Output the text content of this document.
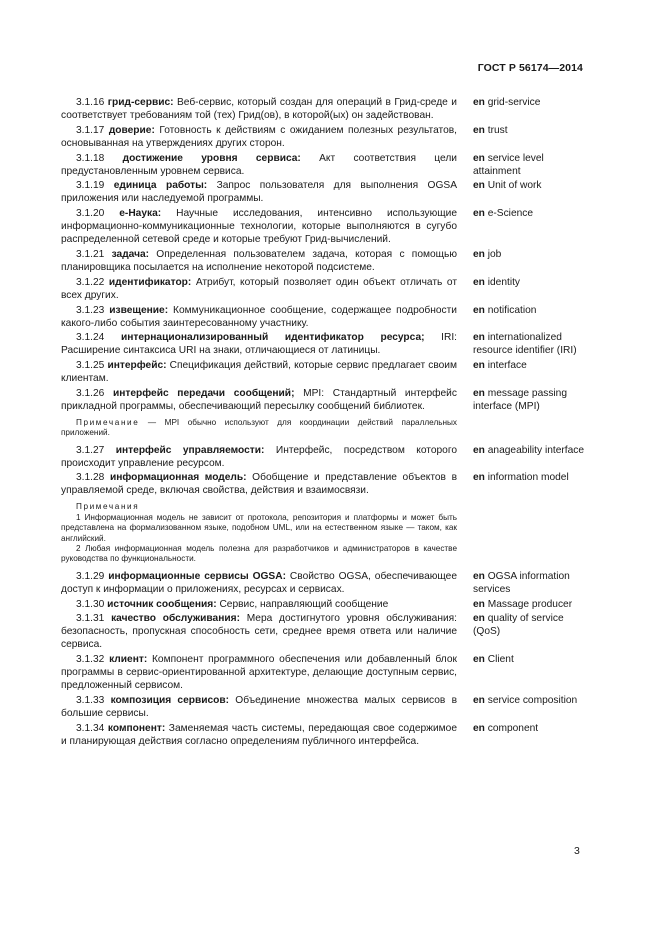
ГОСТ Р 56174—2014
3.1.16 грид-сервис: Веб-сервис, который создан для операций в Грид-среде и соответствует требованиям той (тех) Грид(ов), в которой(ых) он задействован.
en grid-service
3.1.17 доверие: Готовность к действиям с ожиданием полезных результатов, основыванная на утверждениях других сторон.
en trust
3.1.18 достижение уровня сервиса: Акт соответствия цели предустановленным уровнем сервиса.
en service level attainment
3.1.19 единица работы: Запрос пользователя для выполнения OGSA приложения или наследуемой программы.
en Unit of work
3.1.20 е-Наука: Научные исследования, интенсивно использующие информационно-коммуникационные технологии, которые выполняются в сугубо распределенной сетевой среде и которые требуют Грид-вычислений.
en e-Science
3.1.21 задача: Определенная пользователем задача, которая с помощью планировщика посылается на исполнение некоторой подсистеме.
en job
3.1.22 идентификатор: Атрибут, который позволяет один объект отличать от всех других.
en identity
3.1.23 извещение: Коммуникационное сообщение, содержащее подробности какого-либо события заинтересованному участнику.
en notification
3.1.24 интернационализированный идентификатор ресурса; IRI: Расширение синтаксиса URI на знаки, отличающиеся от латиницы.
en internationalized resource identifier (IRI)
3.1.25 интерфейс: Спецификация действий, которые сервис предлагает своим клиентам.
en interface
3.1.26 интерфейс передачи сообщений; MPI: Стандартный интерфейс прикладной программы, обеспечивающий пересылку сообщений библиотек.
en message passing interface (MPI)
Примечание — MPI обычно используют для координации действий параллельных приложений.
3.1.27 интерфейс управляемости: Интерфейс, посредством которого происходит управление ресурсом.
en anageability interface
3.1.28 информационная модель: Обобщение и представление объектов в управляемой среде, включая свойства, действия и взаимосвязи.
en information model

Примечания

1 Информационная модель не зависит от протокола, репозитория и платформы и может быть представлена на формализованном языке, подобном UML, или на естественном языке — таком, как английский.

2 Любая информационная модель полезна для разработчиков и администраторов в качестве руководства по функциональности.

3.1.29 информационные сервисы OGSA: Свойство OGSA, обеспечивающее доступ к информации о приложениях, ресурсах и сервисах.
en OGSA information services
3.1.30 источник сообщения: Сервис, направляющий сообщение	en Massage producer
3.1.31 качество обслуживания: Мера достигнутого уровня обслуживания: безопасность, пропускная способность сети, среднее время ответа или наличие сервиса.
en quality of service (QoS)
3.1.32 клиент: Компонент программного обеспечения или добавленный блок программы в сервис-ориентированной архитектуре, делающие доступным сервис, предложенный сервисом.
en Client
3.1.33 композиция сервисов: Объединение множества малых сервисов в большие сервисы.
en service composition
3.1.34 компонент: Заменяемая часть системы, передающая свое содержимое и планирующая действия согласно определениям публичного интерфейса.
en component
3
